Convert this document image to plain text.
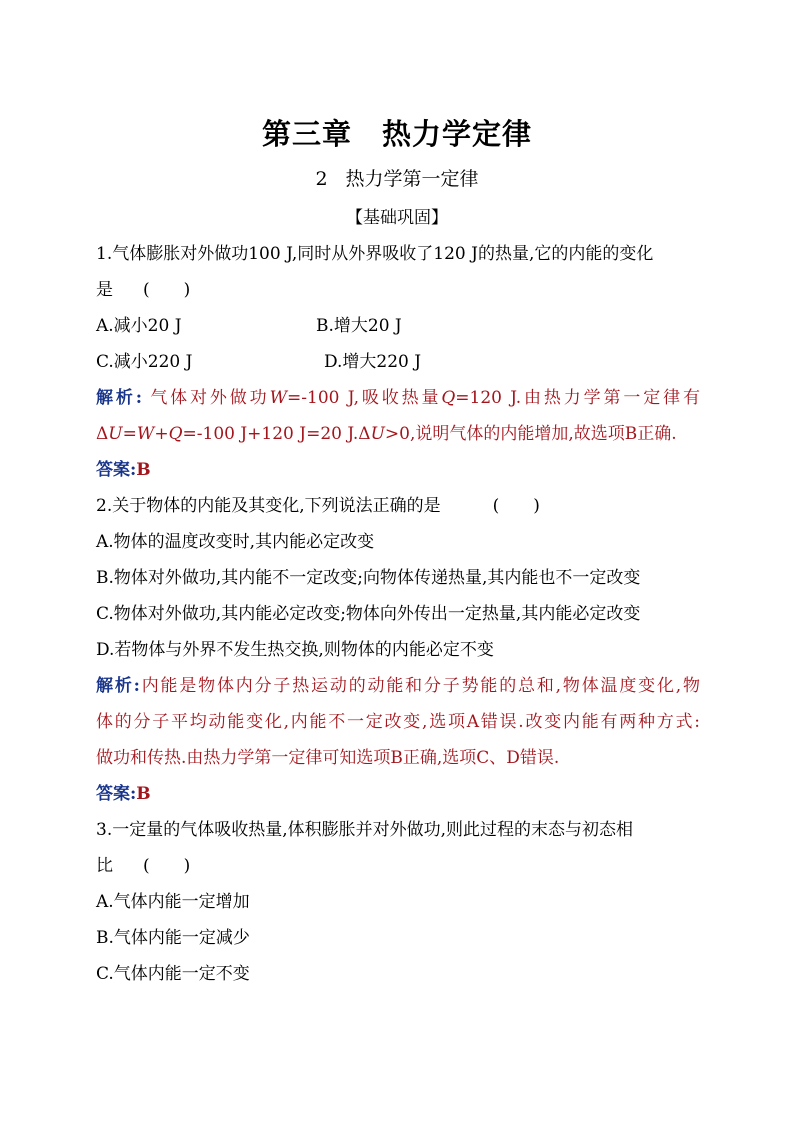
第三章　热力学定律
2 热力学第一定律
【基础巩固】
1.气体膨胀对外做功100 J,同时从外界吸收了120 J的热量,它的内能的变化
是 (　　)
A.减小20 J	B.增大20 J
C.减小220 J	D.增大220 J
解析: 气体对外做功W=-100 J,吸收热量Q=120 J.由热力学第一定律有
ΔU=W+Q=-100 J+120 J=20 J.ΔU>0,说明气体的内能增加,故选项B正确.
答案:B
2.关于物体的内能及其变化,下列说法正确的是	(　　)
A.物体的温度改变时,其内能必定改变
B.物体对外做功,其内能不一定改变;向物体传递热量,其内能也不一定改变
C.物体对外做功,其内能必定改变;物体向外传出一定热量,其内能必定改变
D.若物体与外界不发生热交换,则物体的内能必定不变
解析:内能是物体内分子热运动的动能和分子势能的总和,物体温度变化,物
体的分子平均动能变化,内能不一定改变,选项A错误.改变内能有两种方式:
做功和传热.由热力学第一定律可知选项B正确,选项C、D错误.
答案:B
3.一定量的气体吸收热量,体积膨胀并对外做功,则此过程的末态与初态相
比 (　　)
A.气体内能一定增加
B.气体内能一定减少
C.气体内能一定不变
